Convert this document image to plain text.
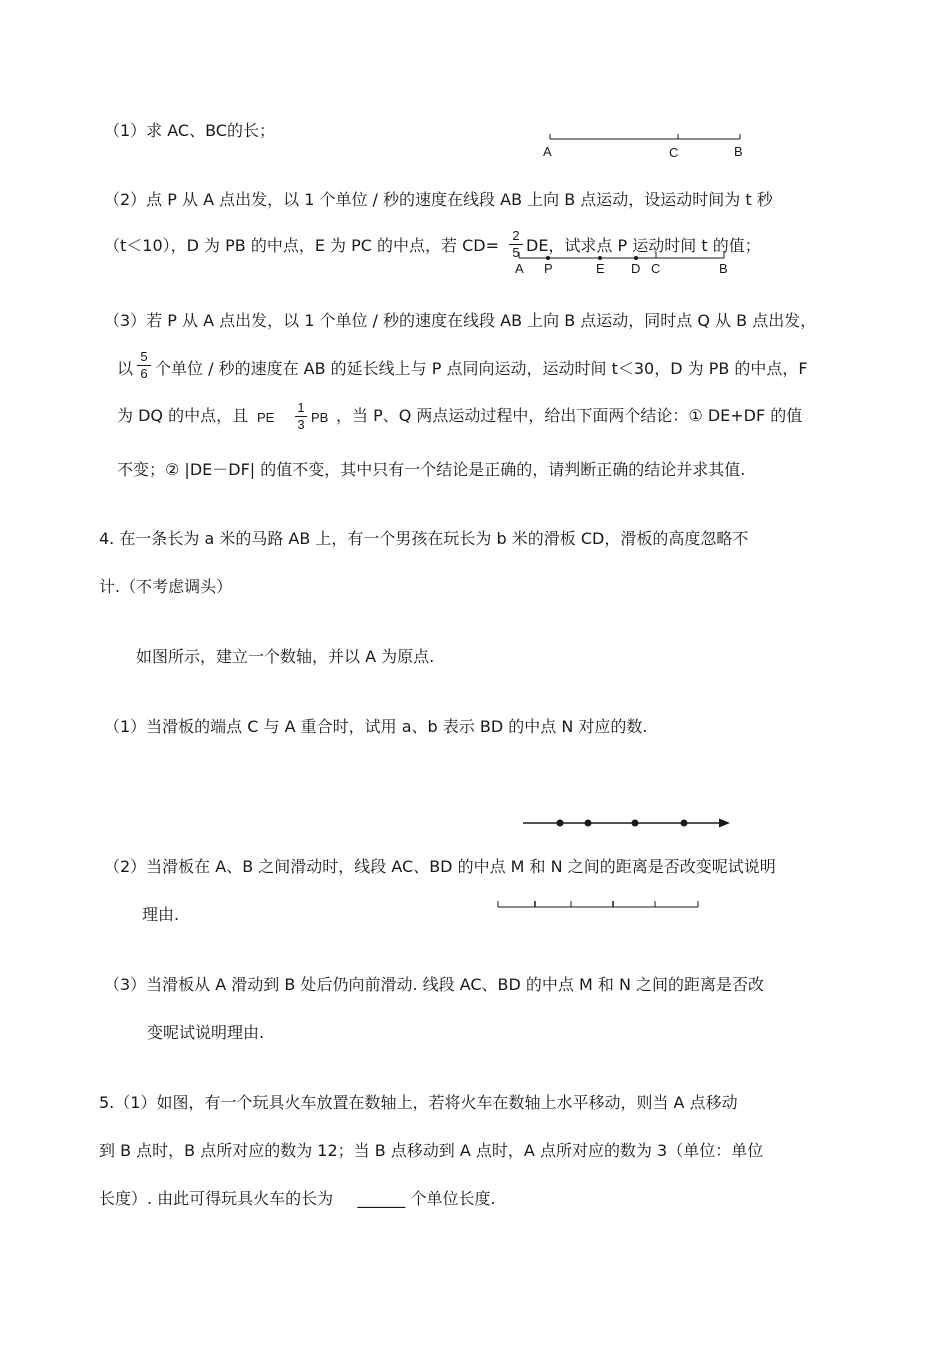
（1）求 AC、BC的长；
A	C	B
（2）点 P 从 A 点出发，以 1 个单位 / 秒的速度在线段 AB 上向 B 点运动，设运动时间为 t 秒
（t＜10），D 为 PB 的中点，E 为 PC 的中点，若 CD=
2
5 DE，试求点 P 运动时间 t 的值；
A P	E D C	B
（3）若 P 从 A 点出发，以 1 个单位 / 秒的速度在线段 AB 上向 B 点运动，同时点 Q 从 B 点出发，
以
5
6 个单位 / 秒的速度在 AB 的延长线上与 P 点同向运动，运动时间 t＜30，D 为 PB 的中点，F
为 DQ 的中点，且 PE
1
3 PB ，当 P、Q 两点运动过程中，给出下面两个结论：① DE+DF 的值
不变；② |DE－DF| 的值不变，其中只有一个结论是正确的，请判断正确的结论并求其值.
4. 在一条长为 a 米的马路 AB 上，有一个男孩在玩长为 b 米的滑板 CD，滑板的高度忽略不
计.（不考虑调头）
如图所示，建立一个数轴，并以 A 为原点.
（1）当滑板的端点 C 与 A 重合时，试用 a、b 表示 BD 的中点 N 对应的数.
（2）当滑板在 A、B 之间滑动时，线段 AC、BD 的中点 M 和 N 之间的距离是否改变呢试说明
理由.
（3）当滑板从 A 滑动到 B 处后仍向前滑动. 线段 AC、BD 的中点 M 和 N 之间的距离是否改
变呢试说明理由.
5.（1）如图，有一个玩具火车放置在数轴上，若将火车在数轴上水平移动，则当 A 点移动
到 B 点时，B 点所对应的数为 12；当 B 点移动到 A 点时，A 点所对应的数为 3（单位：单位
长度）. 由此可得玩具火车的长为 ______ 个单位长度.
